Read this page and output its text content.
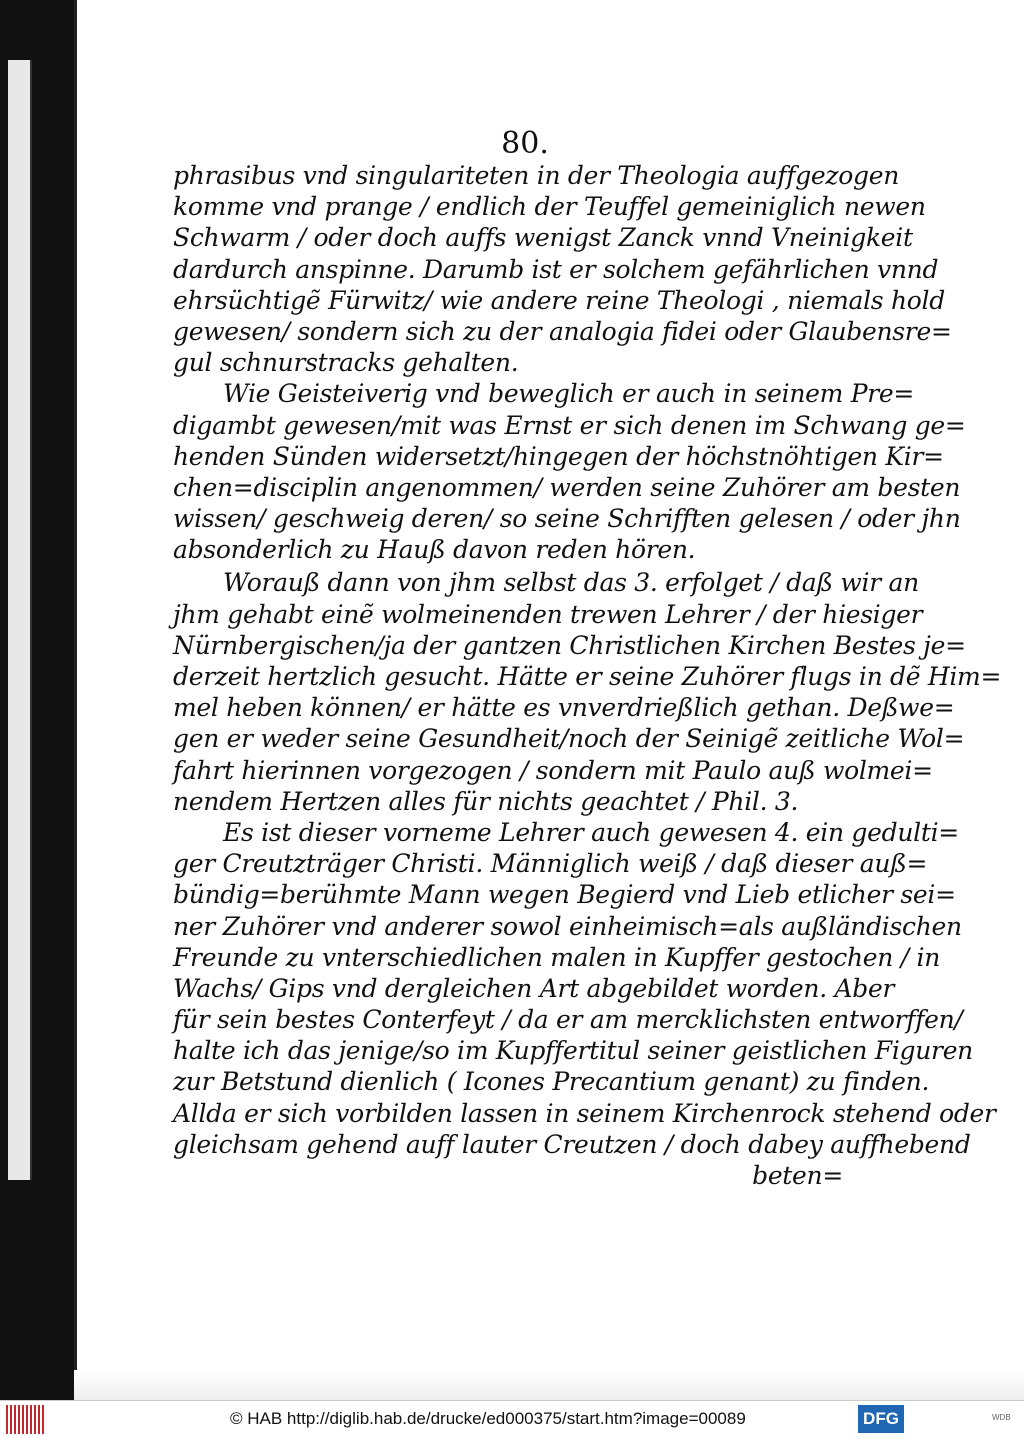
80.
phrasibus vnd singulariteten in der Theologia auffgezogen
komme vnd prange / endlich der Teuffel gemeiniglich newen
Schwarm / oder doch auffs wenigst Zanck vnnd Vneinigkeit
dardurch anspinne. Darumb ist er solchem gefährlichen vnnd
ehrsüchtigẽ Fürwitz/ wie andere reine Theologi , niemals hold
gewesen/ sondern sich zu der analogia fidei oder Glaubensre=
gul schnurstracks gehalten.
Wie Geisteiverig vnd beweglich er auch in seinem Pre=
digambt gewesen/mit was Ernst er sich denen im Schwang ge=
henden Sünden widersetzt/hingegen der höchstnöhtigen Kir=
chen=disciplin angenommen/ werden seine Zuhörer am besten
wissen/ geschweig deren/ so seine Schrifften gelesen / oder jhn
absonderlich zu Hauß davon reden hören.
Worauß dann von jhm selbst das 3. erfolget / daß wir an
jhm gehabt einẽ wolmeinenden trewen Lehrer / der hiesiger
Nürnbergischen/ja der gantzen Christlichen Kirchen Bestes je=
derzeit hertzlich gesucht. Hätte er seine Zuhörer flugs in dẽ Him=
mel heben können/ er hätte es vnverdrießlich gethan. Deßwe=
gen er weder seine Gesundheit/noch der Seinigẽ zeitliche Wol=
fahrt hierinnen vorgezogen / sondern mit Paulo auß wolmei=
nendem Hertzen alles für nichts geachtet / Phil. 3.
Es ist dieser vorneme Lehrer auch gewesen 4. ein gedulti=
ger Creutzträger Christi. Männiglich weiß / daß dieser auß=
bündig=berühmte Mann wegen Begierd vnd Lieb etlicher sei=
ner Zuhörer vnd anderer sowol einheimisch=als außländischen
Freunde zu vnterschiedlichen malen in Kupffer gestochen / in
Wachs/ Gips vnd dergleichen Art abgebildet worden. Aber
für sein bestes Conterfeyt / da er am mercklichsten entworffen/
halte ich das jenige/so im Kupffertitul seiner geistlichen Figuren
zur Betstund dienlich ( Icones Precantium genant) zu finden.
Allda er sich vorbilden lassen in seinem Kirchenrock stehend oder
gleichsam gehend auff lauter Creutzen / doch dabey auffhebend
beten=
© HAB http://diglib.hab.de/drucke/ed000375/start.htm?image=00089	DFG	WDB
